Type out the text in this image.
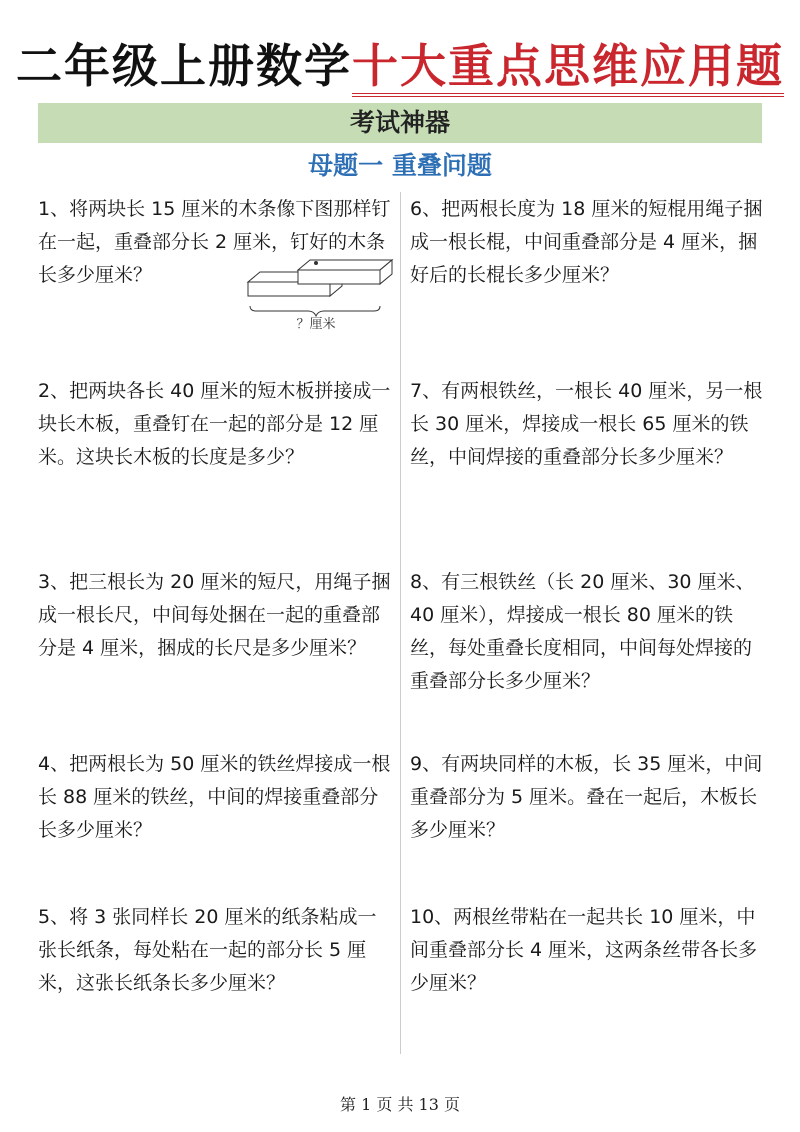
二年级上册数学十大重点思维应用题
考试神器
母题一 重叠问题
1、将两块长 15 厘米的木条像下图那样钉在一起，重叠部分长 2 厘米，钉好的木条长多少厘米？
？厘米
2、把两块各长 40 厘米的短木板拼接成一块长木板，重叠钉在一起的部分是 12 厘米。这块长木板的长度是多少？
3、把三根长为 20 厘米的短尺，用绳子捆成一根长尺，中间每处捆在一起的重叠部分是 4 厘米，捆成的长尺是多少厘米？
4、把两根长为 50 厘米的铁丝焊接成一根长 88 厘米的铁丝，中间的焊接重叠部分长多少厘米？
5、将 3 张同样长 20 厘米的纸条粘成一张长纸条，每处粘在一起的部分长 5 厘米，这张长纸条长多少厘米？
6、把两根长度为 18 厘米的短棍用绳子捆成一根长棍，中间重叠部分是 4 厘米，捆好后的长棍长多少厘米？
7、有两根铁丝，一根长 40 厘米，另一根长 30 厘米，焊接成一根长 65 厘米的铁丝，中间焊接的重叠部分长多少厘米？
8、有三根铁丝（长 20 厘米、30 厘米、40 厘米），焊接成一根长 80 厘米的铁丝，每处重叠长度相同，中间每处焊接的重叠部分长多少厘米？
9、有两块同样的木板，长 35 厘米，中间重叠部分为 5 厘米。叠在一起后，木板长多少厘米？
10、两根丝带粘在一起共长 10 厘米，中间重叠部分长 4 厘米，这两条丝带各长多少厘米？
第 1 页 共 13 页
